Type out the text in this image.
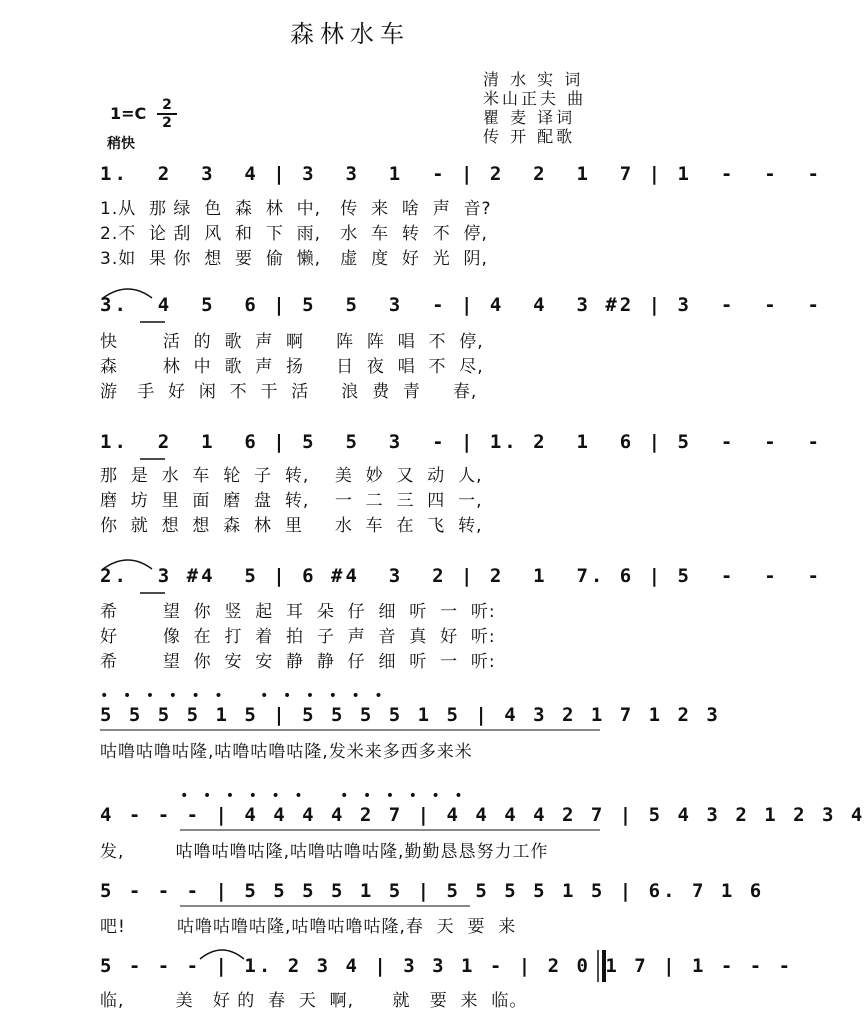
森林水车
清 水 实 词
米山正夫 曲
瞿 麦 译词
传 开 配歌
1=C	2
2
稍快
1.  2  3  4 | 3  3  1  - | 2  2  1  7 | 1  -  -  -
1.从  那 绿  色  森  林  中,   传  来  啥  声  音?
2.不  论 刮  风  和  下  雨,   水  车  转  不  停,
3.如  果 你  想  要  偷  懒,   虚  度  好  光  阴,
3.  4  5  6 | 5  5  3  - | 4  4  3 #2 | 3  -  -  -
快       活  的  歌  声  啊     阵  阵  唱  不  停,
森       林  中  歌  声  扬     日  夜  唱  不  尽,
游   手  好  闲  不  干  活     浪  费  青     春,
1.  2  1  6 | 5  5  3  - | 1. 2  1  6 | 5  -  -  -
那  是  水  车  轮  子  转,    美  妙  又  动  人,
磨  坊  里  面  磨  盘  转,    一  二  三  四  一,
你  就  想  想  森  林  里     水  车  在  飞  转,
2.  3 #4  5 | 6 #4  3  2 | 2  1  7. 6 | 5  -  -  -
希       望  你  竖  起  耳  朵  仔  细  听  一  听:
好       像  在  打  着  拍  子  声  音  真  好  听:
希       望  你  安  安  静  静  仔  细  听  一  听:
• • • • • •   • • • • • •
5 5 5 5 1 5 | 5 5 5 5 1 5 | 4 3 2 1 7 1 2 3
咕噜咕噜咕隆,咕噜咕噜咕隆,发米来多西多来米
• • • • • •   • • • • • •
4 - - - | 4 4 4 4 2 7 | 4 4 4 4 2 7 | 5 4 3 2 1 2 3 4
发,        咕噜咕噜咕隆,咕噜咕噜咕隆,勤勤恳恳努力工作
5 - - - | 5 5 5 5 1 5 | 5 5 5 5 1 5 | 6. 7 1 6
吧!        咕噜咕噜咕隆,咕噜咕噜咕隆,春  天  要  来
5 - - - | 1. 2 3 4 | 3 3 1 - | 2 0 1 7 | 1 - - -
临,        美   好 的  春  天  啊,      就   要  来  临。
